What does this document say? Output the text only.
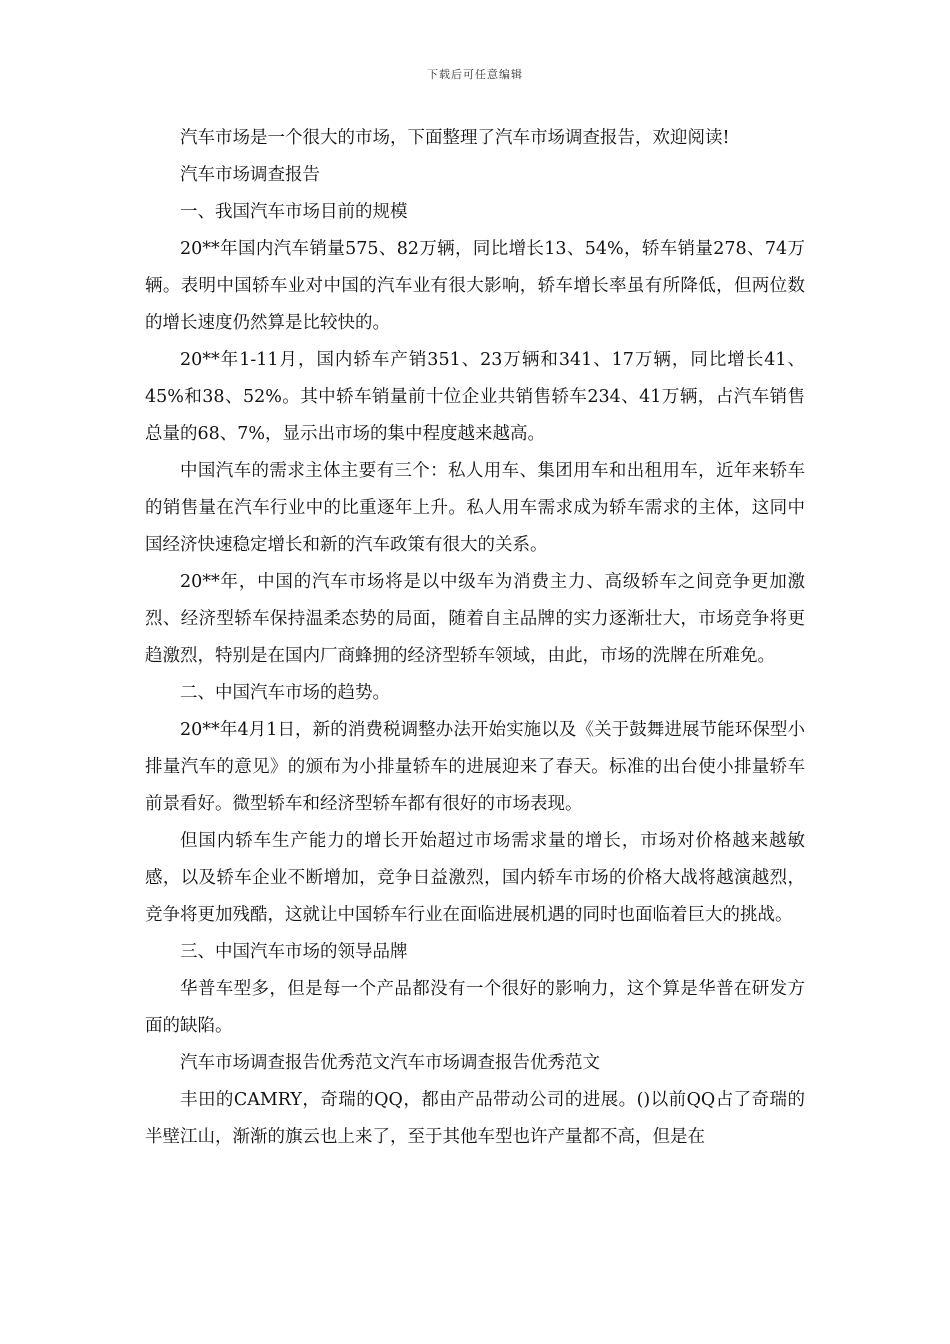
下载后可任意编辑

汽车市场是一个很大的市场，下面整理了汽车市场调查报告，欢迎阅读!

汽车市场调查报告

一、我国汽车市场目前的规模

20**年国内汽车销量575、82万辆，同比增长13、54%，轿车销量278、74万辆。表明中国轿车业对中国的汽车业有很大影响，轿车增长率虽有所降低，但两位数的增长速度仍然算是比较快的。

20**年1-11月，国内轿车产销351、23万辆和341、17万辆，同比增长41、45%和38、52%。其中轿车销量前十位企业共销售轿车234、41万辆，占汽车销售总量的68、7%，显示出市场的集中程度越来越高。

中国汽车的需求主体主要有三个：私人用车、集团用车和出租用车，近年来轿车的销售量在汽车行业中的比重逐年上升。私人用车需求成为轿车需求的主体，这同中国经济快速稳定增长和新的汽车政策有很大的关系。

20**年，中国的汽车市场将是以中级车为消费主力、高级轿车之间竞争更加激烈、经济型轿车保持温柔态势的局面，随着自主品牌的实力逐渐壮大，市场竞争将更趋激烈，特别是在国内厂商蜂拥的经济型轿车领域，由此，市场的洗牌在所难免。

二、中国汽车市场的趋势。

20**年4月1日，新的消费税调整办法开始实施以及《关于鼓舞进展节能环保型小排量汽车的意见》的颁布为小排量轿车的进展迎来了春天。标准的出台使小排量轿车前景看好。微型轿车和经济型轿车都有很好的市场表现。

但国内轿车生产能力的增长开始超过市场需求量的增长，市场对价格越来越敏感，以及轿车企业不断增加，竞争日益激烈，国内轿车市场的价格大战将越演越烈，竞争将更加残酷，这就让中国轿车行业在面临进展机遇的同时也面临着巨大的挑战。

三、中国汽车市场的领导品牌

华普车型多，但是每一个产品都没有一个很好的影响力，这个算是华普在研发方面的缺陷。

汽车市场调查报告优秀范文汽车市场调查报告优秀范文

丰田的CAMRY，奇瑞的QQ，都由产品带动公司的进展。()以前QQ占了奇瑞的半壁江山，渐渐的旗云也上来了，至于其他车型也许产量都不高，但是在
